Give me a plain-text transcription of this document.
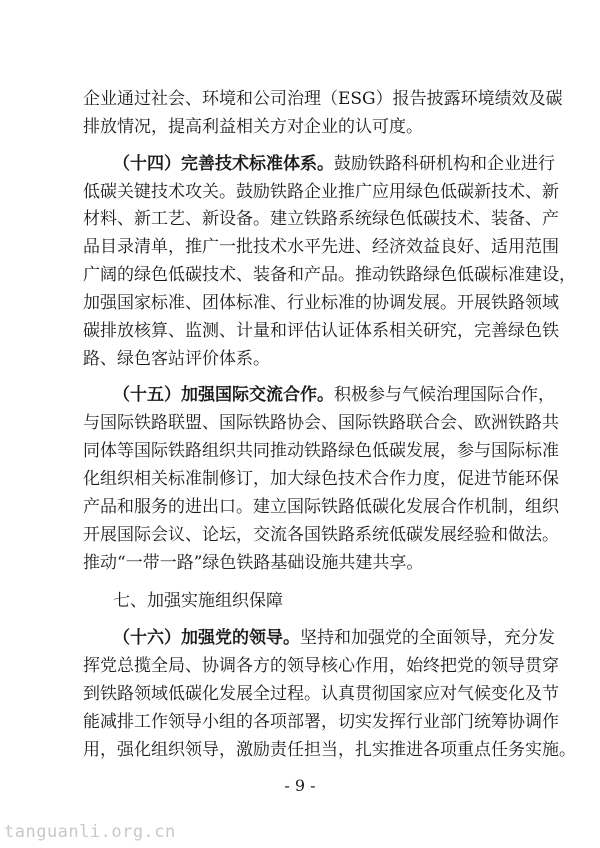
企业通过社会、环境和公司治理（ESG）报告披露环境绩效及碳
排放情况，提高利益相关方对企业的认可度。
（十四）完善技术标准体系。鼓励铁路科研机构和企业进行
低碳关键技术攻关。鼓励铁路企业推广应用绿色低碳新技术、新
材料、新工艺、新设备。建立铁路系统绿色低碳技术、装备、产
品目录清单，推广一批技术水平先进、经济效益良好、适用范围
广阔的绿色低碳技术、装备和产品。推动铁路绿色低碳标准建设，
加强国家标准、团体标准、行业标准的协调发展。开展铁路领域
碳排放核算、监测、计量和评估认证体系相关研究，完善绿色铁
路、绿色客站评价体系。
（十五）加强国际交流合作。积极参与气候治理国际合作，
与国际铁路联盟、国际铁路协会、国际铁路联合会、欧洲铁路共
同体等国际铁路组织共同推动铁路绿色低碳发展，参与国际标准
化组织相关标准制修订，加大绿色技术合作力度，促进节能环保
产品和服务的进出口。建立国际铁路低碳化发展合作机制，组织
开展国际会议、论坛，交流各国铁路系统低碳发展经验和做法。
推动“一带一路”绿色铁路基础设施共建共享。
七、加强实施组织保障
（十六）加强党的领导。坚持和加强党的全面领导，充分发
挥党总揽全局、协调各方的领导核心作用，始终把党的领导贯穿
到铁路领域低碳化发展全过程。认真贯彻国家应对气候变化及节
能减排工作领导小组的各项部署，切实发挥行业部门统筹协调作
用，强化组织领导，激励责任担当，扎实推进各项重点任务实施。
- 9 -
tanguanli.org.cn
